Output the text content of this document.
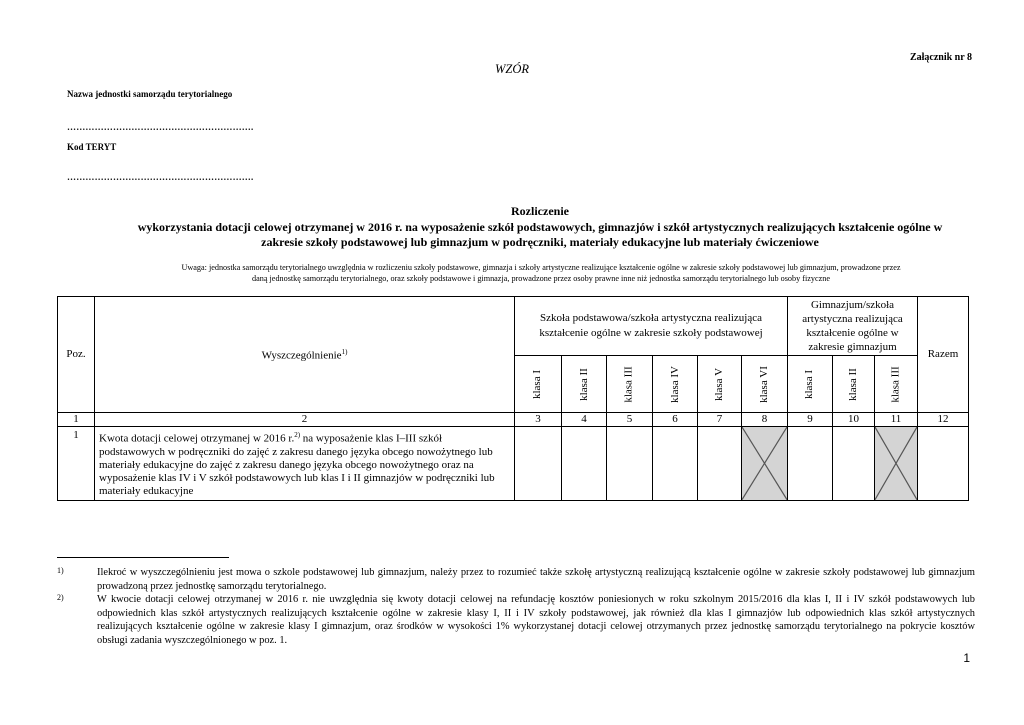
Załącznik nr 8
WZÓR
Nazwa jednostki samorządu terytorialnego
…………………………………………………….
Kod TERYT
…………………………………………………….
Rozliczenie
wykorzystania dotacji celowej otrzymanej w 2016 r. na wyposażenie szkół podstawowych, gimnazjów i szkół artystycznych realizujących kształcenie ogólne w
zakresie szkoły podstawowej lub gimnazjum w podręczniki, materiały edukacyjne lub materiały ćwiczeniowe
Uwaga: jednostka samorządu terytorialnego uwzględnia w rozliczeniu szkoły podstawowe, gimnazja i szkoły artystyczne realizujące kształcenie ogólne w zakresie szkoły podstawowej lub gimnazjum, prowadzone przez
daną jednostkę samorządu terytorialnego, oraz szkoły podstawowe i gimnazja, prowadzone przez osoby prawne inne niż jednostka samorządu terytorialnego lub osoby fizyczne
Poz.	Wyszczególnienie$^{1)}$	Szkoła podstawowa/szkoła artystyczna realizująca kształcenie ogólne w zakresie szkoły podstawowej						Gimnazjum/szkoła artystyczna realizująca kształcenie ogólne w zakresie gimnazjum			Razem
		klasa I	klasa II	klasa III	klasa IV	klasa V	klasa VI	klasa I	klasa II	klasa III	
1	2	3	4	5	6	7	8	9	10	11	12
1	Kwota dotacji celowej otrzymanej w 2016 r.$^{2)}$ na wyposażenie klas I–III szkół podstawowych w podręczniki do zajęć z zakresu danego języka obcego nowożytnego lub materiały edukacyjne do zajęć z zakresu danego języka obcego nowożytnego oraz na wyposażenie klas IV i V szkół podstawowych lub klas I i II gimnazjów w podręczniki lub materiały edukacyjne						

1)	Ilekroć w wyszczególnieniu jest mowa o szkole podstawowej lub gimnazjum, należy przez to rozumieć także szkołę artystyczną realizującą kształcenie ogólne w zakresie szkoły podstawowej lub gimnazjum prowadzoną przez jednostkę samorządu terytorialnego.
2)	W kwocie dotacji celowej otrzymanej w 2016 r. nie uwzględnia się kwoty dotacji celowej na refundację kosztów poniesionych w roku szkolnym 2015/2016 dla klas I, II i IV szkół podstawowych lub odpowiednich klas szkół artystycznych realizujących kształcenie ogólne w zakresie klasy I, II i IV szkoły podstawowej, jak również dla klas I gimnazjów lub odpowiednich klas szkół artystycznych realizujących kształcenie ogólne w zakresie klasy I gimnazjum, oraz środków w wysokości 1% wykorzystanej dotacji celowej otrzymanych przez jednostkę samorządu terytorialnego na pokrycie kosztów obsługi zadania wyszczególnionego w poz. 1.
1
